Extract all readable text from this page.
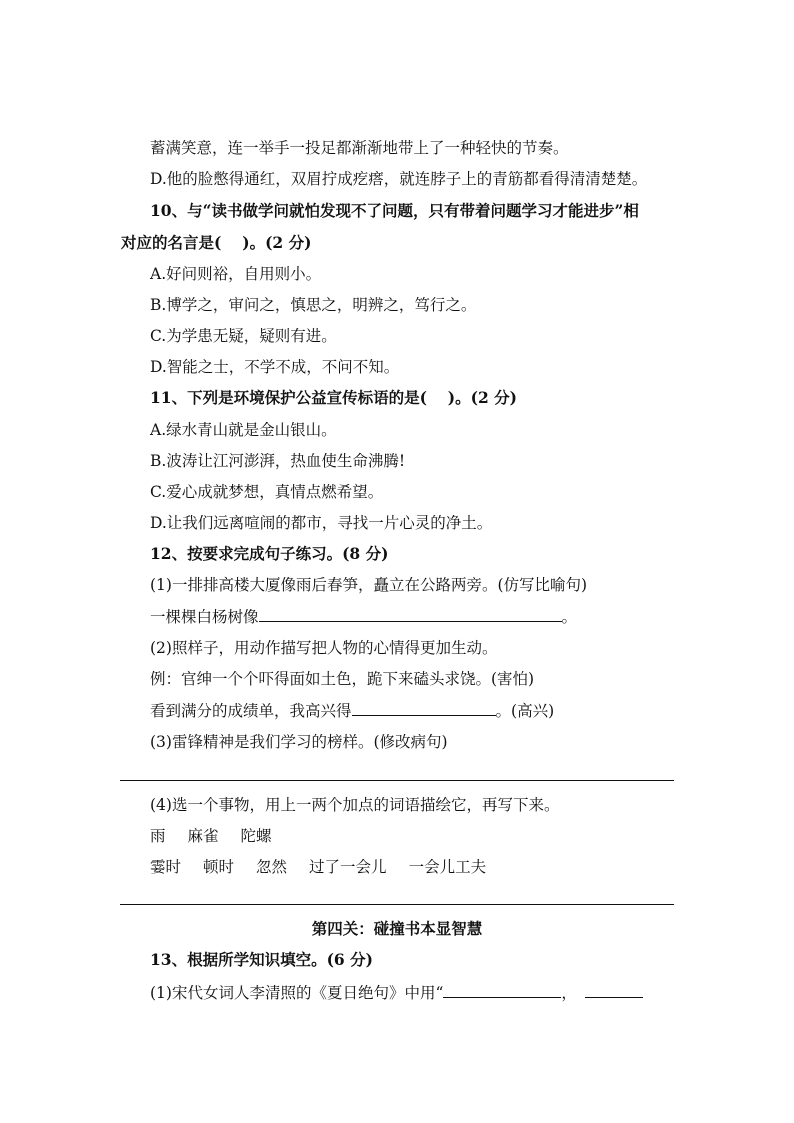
蓄满笑意，连一举手一投足都渐渐地带上了一种轻快的节奏。
D.他的脸憋得通红，双眉拧成疙瘩，就连脖子上的青筋都看得清清楚楚。
10、与“读书做学问就怕发现不了问题，只有带着问题学习才能进步”相
对应的名言是(　 )。(2 分)
A.好问则裕，自用则小。
B.博学之，审问之，慎思之，明辨之，笃行之。
C.为学患无疑，疑则有进。
D.智能之士，不学不成，不问不知。
11、下列是环境保护公益宣传标语的是(　 )。(2 分)
A.绿水青山就是金山银山。
B.波涛让江河澎湃，热血使生命沸腾!
C.爱心成就梦想，真情点燃希望。
D.让我们远离喧闹的都市，寻找一片心灵的净土。
12、按要求完成句子练习。(8 分)
(1)一排排高楼大厦像雨后春笋，矗立在公路两旁。(仿写比喻句)
一棵棵白杨树像	。
(2)照样子，用动作描写把人物的心情得更加生动。
例：官绅一个个吓得面如土色，跪下来磕头求饶。(害怕)
看到满分的成绩单，我高兴得	。(高兴)
(3)雷锋精神是我们学习的榜样。(修改病句)
(4)选一个事物，用上一两个加点的词语描绘它，再写下来。
雨 麻雀 陀螺
霎时 顿时 忽然 过了一会儿 一会儿工夫
第四关：碰撞书本显智慧
13、根据所学知识填空。(6 分)
(1)宋代女词人李清照的《夏日绝句》中用“	，
